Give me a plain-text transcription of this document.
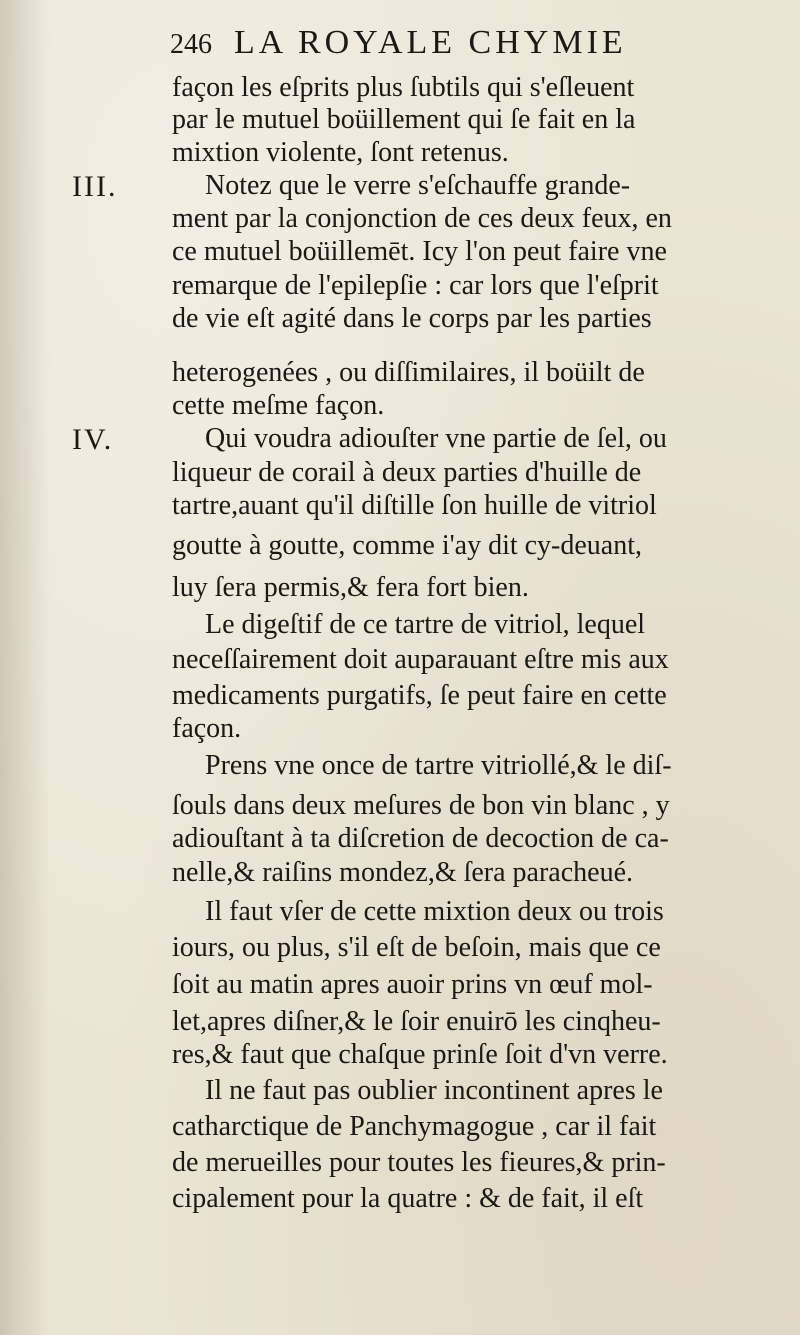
246 LA ROYALE CHYMIE
III.
IV.
façon les eſprits plus ſubtils qui s'eſleuent
par le mutuel boüillement qui ſe fait en la
mixtion violente, ſont retenus.
Notez que le verre s'eſchauffe grande-
ment par la conjonction de ces deux feux, en
ce mutuel boüillemēt. Icy l'on peut faire vne
remarque de l'epilepſie : car lors que l'eſprit
de vie eſt agité dans le corps par les parties
heterogenées , ou diſſimilaires, il boüilt de
cette meſme façon.
Qui voudra adiouſter vne partie de ſel, ou
liqueur de corail à deux parties d'huille de
tartre,auant qu'il diſtille ſon huille de vitriol
goutte à goutte, comme i'ay dit cy-deuant,
luy ſera permis,& fera fort bien.
Le digeſtif de ce tartre de vitriol, lequel
neceſſairement doit auparauant eſtre mis aux
medicaments purgatifs, ſe peut faire en cette
façon.
Prens vne once de tartre vitriollé,& le diſ-
ſouls dans deux meſures de bon vin blanc , y
adiouſtant à ta diſcretion de decoction de ca-
nelle,& raiſins mondez,& ſera paracheué.
Il faut vſer de cette mixtion deux ou trois
iours, ou plus, s'il eſt de beſoin, mais que ce
ſoit au matin apres auoir prins vn œuf mol-
let,apres diſner,& le ſoir enuirō les cinqheu-
res,& faut que chaſque prinſe ſoit d'vn verre.
Il ne faut pas oublier incontinent apres le
catharctique de Panchymagogue , car il fait
de merueilles pour toutes les fieures,& prin-
cipalement pour la quatre : & de fait, il eſt
